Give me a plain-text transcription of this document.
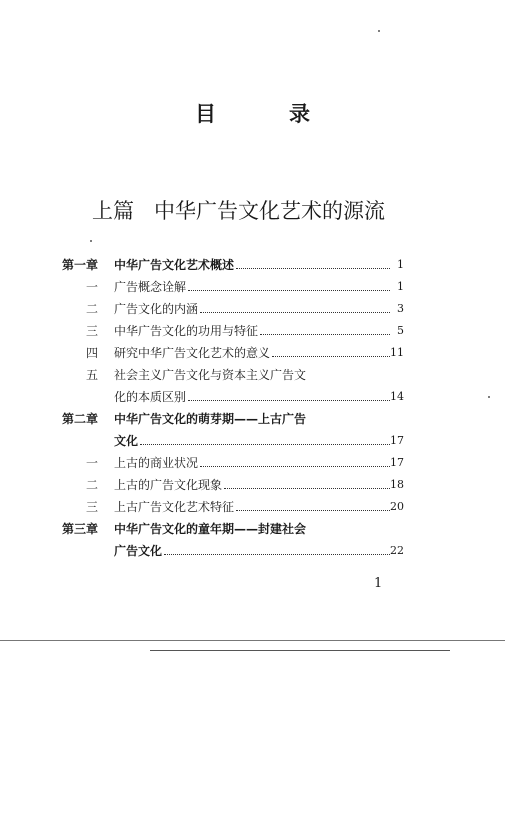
目　录
上篇 中华广告文化艺术的源流
第一章	中华广告文化艺术概述	1
一	广告概念诠解	1
二	广告文化的内涵	3
三	中华广告文化的功用与特征	5
四	研究中华广告文化艺术的意义	11
五	社会主义广告文化与资本主义广告文
化的本质区别	14
第二章	中华广告文化的萌芽期——上古广告
文化	17
一	上古的商业状况	17
二	上古的广告文化现象	18
三	上古广告文化艺术特征	20
第三章	中华广告文化的童年期——封建社会
广告文化	22
1
